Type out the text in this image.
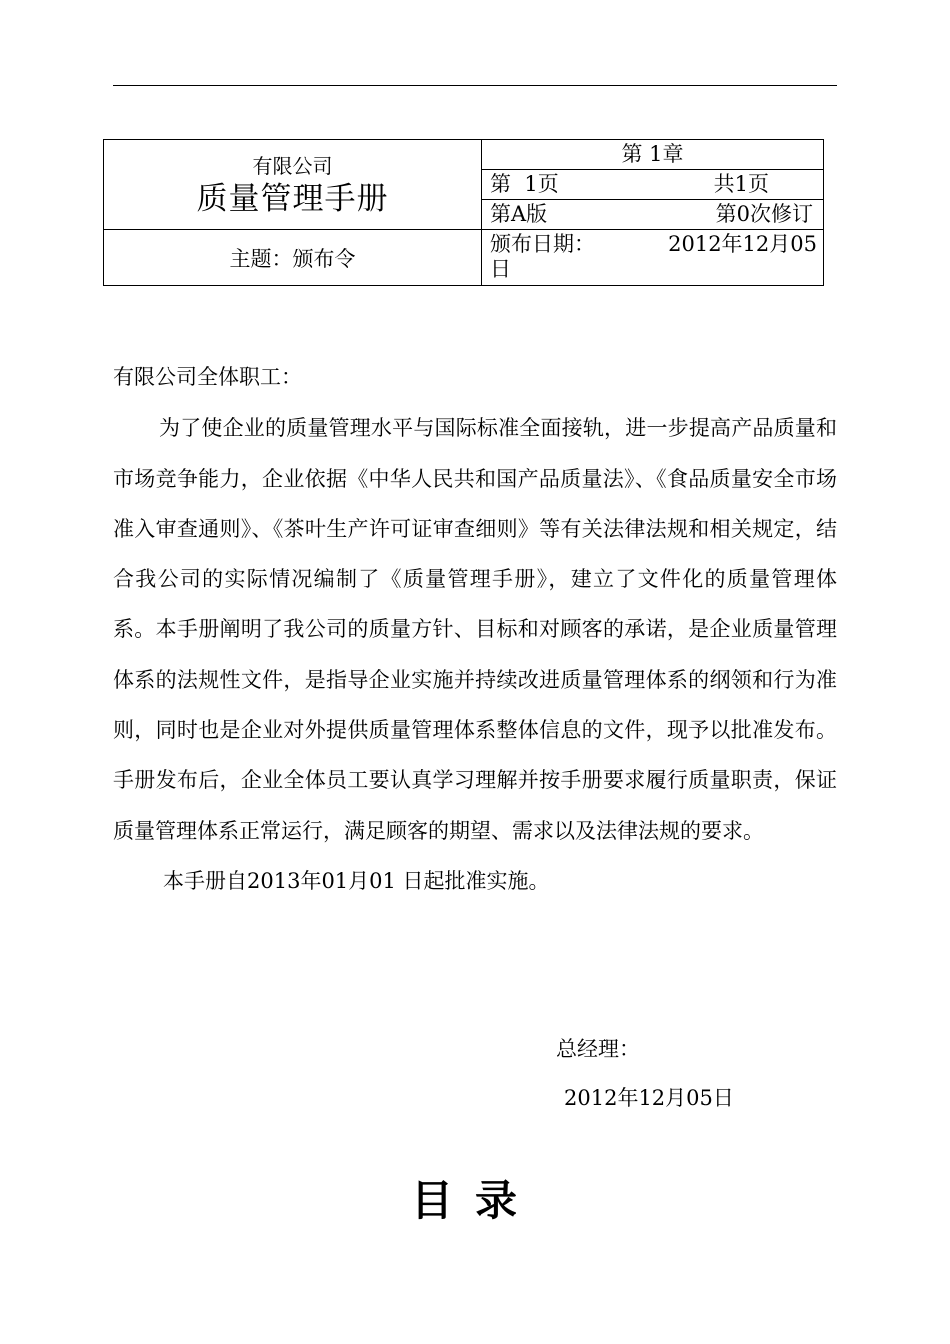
有限公司
质量管理手册	第 1章

	第  1页 共1页

	第A版 第0次修订

主题：颁布令	颁布日期： 2012年12月05
日

有限公司全体职工：

为了使企业的质量管理水平与国际标准全面接轨，进一步提高产品质量和市场竞争能力，企业依据《中华人民共和国产品质量法》、《食品质量安全市场准入审查通则》、《茶叶生产许可证审查细则》等有关法律法规和相关规定，结合我公司的实际情况编制了《质量管理手册》，建立了文件化的质量管理体系。本手册阐明了我公司的质量方针、目标和对顾客的承诺，是企业质量管理体系的法规性文件，是指导企业实施并持续改进质量管理体系的纲领和行为准则，同时也是企业对外提供质量管理体系整体信息的文件，现予以批准发布。手册发布后，企业全体员工要认真学习理解并按手册要求履行质量职责，保证质量管理体系正常运行，满足顾客的期望、需求以及法律法规的要求。

本手册自2013年01月01 日起批准实施。

总经理：
2012年12月05日
目录
